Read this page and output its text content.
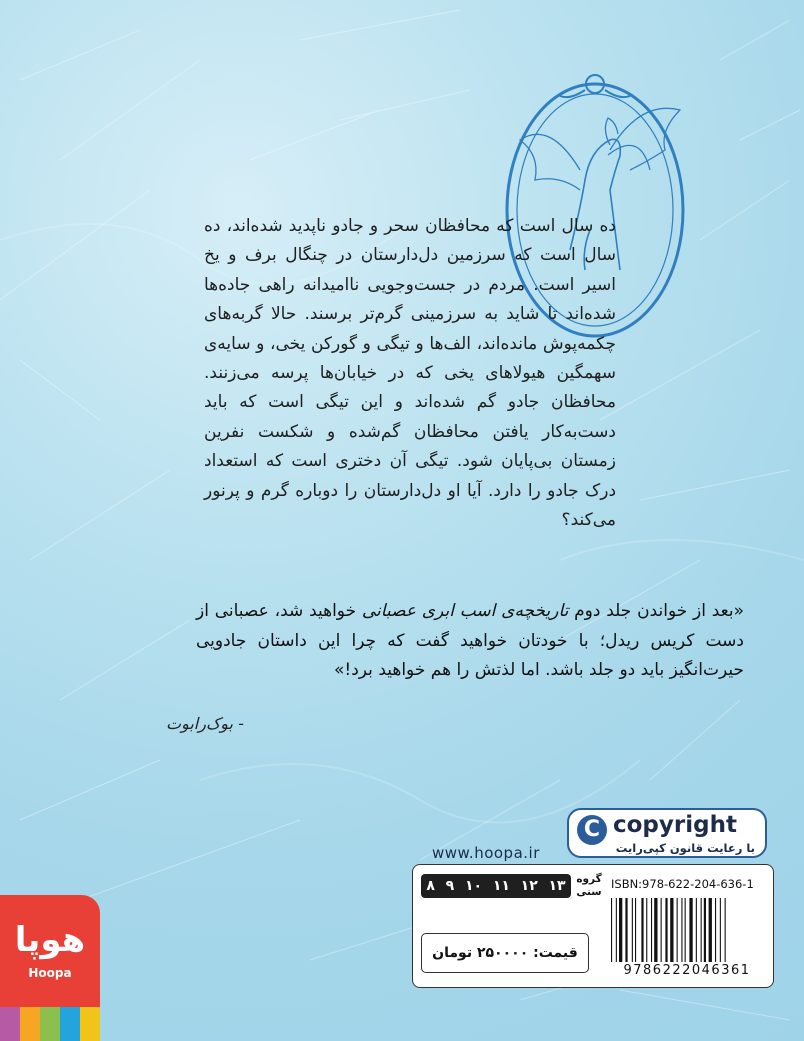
ده سال است که محافظان سحر و جادو ناپدید شده‌اند، ده سال است که سرزمین دل‌دارستان در چنگال برف و یخ اسیر است. مردم در جست‌وجویی ناامیدانه راهی جاده‌ها شده‌اند تا شاید به سرزمینی گرم‌تر برسند. حالا گربه‌های چکمه‌پوش مانده‌اند، الف‌ها و تیگی و گورکن یخی، و سایه‌ی سهمگین هیولاهای یخی که در خیابان‌ها پرسه می‌زنند. محافظان جادو گم شده‌اند و این تیگی است که باید دست‌به‌کار یافتن محافظان گم‌شده و شکست نفرین زمستان بی‌پایان شود. تیگی آن دختری است که استعداد درک جادو را دارد. آیا او دل‌دارستان را دوباره گرم و پرنور می‌کند؟
«بعد از خواندن جلد دوم تاریخچه‌ی اسب ابری عصبانی خواهید شد، عصبانی از دست کریس ریدل؛ با خودتان خواهید گفت که چرا این داستان جادویی حیرت‌انگیز باید دو جلد باشد. اما لذتش را هم خواهید برد!»
- بوک‌رابوت
C copyright
با رعایت قانون کپی‌رایت
www.hoopa.ir
۸ ۹ ۱۰ ۱۱ ۱۲ ۱۳ گروه سنی
ISBN:978-622-204-636-1
قیمت: ۲۵۰۰۰۰ تومان
9786222046361
هوپا
Hoopa
